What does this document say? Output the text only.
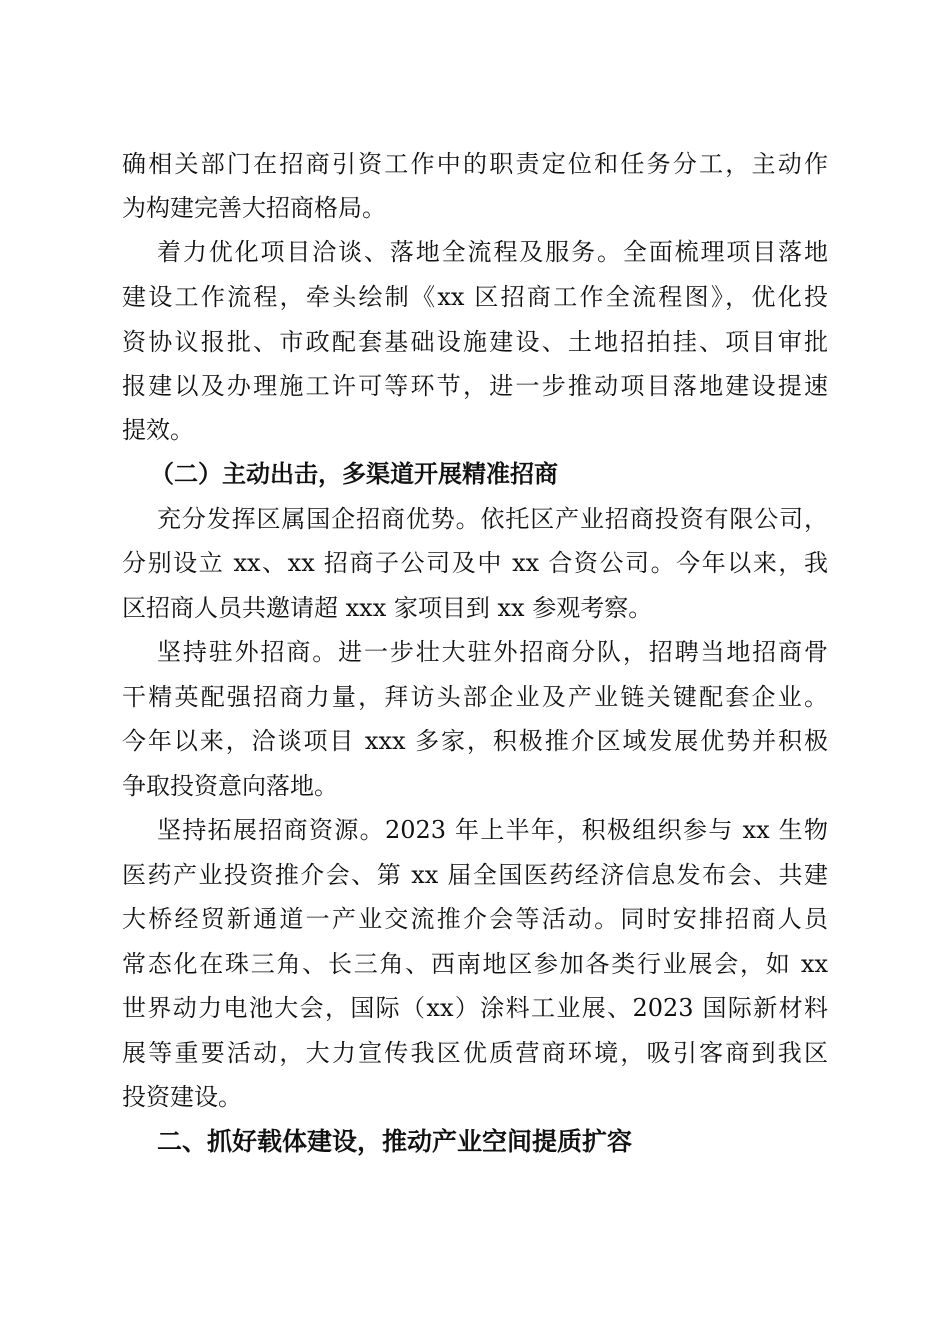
确相关部门在招商引资工作中的职责定位和任务分工，主动作
为构建完善大招商格局。
着力优化项目洽谈、落地全流程及服务。全面梳理项目落地
建设工作流程，牵头绘制《xx 区招商工作全流程图》，优化投
资协议报批、市政配套基础设施建设、土地招拍挂、项目审批
报建以及办理施工许可等环节，进一步推动项目落地建设提速
提效。
（二）主动出击，多渠道开展精准招商
充分发挥区属国企招商优势。依托区产业招商投资有限公司，
分别设立 xx、xx 招商子公司及中 xx 合资公司。今年以来，我
区招商人员共邀请超 xxx 家项目到 xx 参观考察。
坚持驻外招商。进一步壮大驻外招商分队，招聘当地招商骨
干精英配强招商力量，拜访头部企业及产业链关键配套企业。
今年以来，洽谈项目 xxx 多家，积极推介区域发展优势并积极
争取投资意向落地。
坚持拓展招商资源。2023 年上半年，积极组织参与 xx 生物
医药产业投资推介会、第 xx 届全国医药经济信息发布会、共建
大桥经贸新通道一产业交流推介会等活动。同时安排招商人员
常态化在珠三角、长三角、西南地区参加各类行业展会，如 xx
世界动力电池大会，国际（xx）涂料工业展、2023 国际新材料
展等重要活动，大力宣传我区优质营商环境，吸引客商到我区
投资建设。
二、抓好载体建设，推动产业空间提质扩容
